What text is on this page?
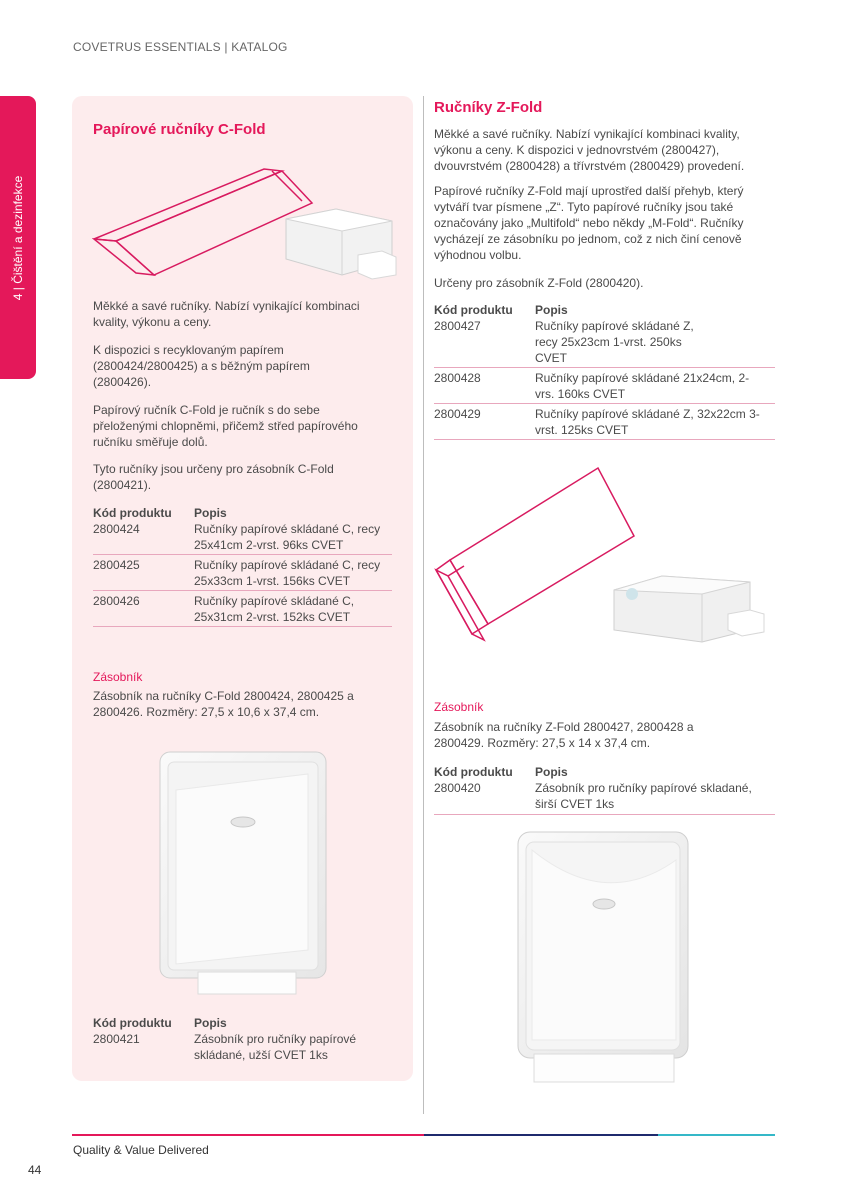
COVETRUS ESSENTIALS | KATALOG
4 | Čištění a dezinfekce
Papírové ručníky C-Fold

Měkké a savé ručníky. Nabízí vynikající kombinaci kvality, výkonu a ceny.

K dispozici s recyklovaným papírem (2800424/2800425) a s běžným papírem (2800426).

Papírový ručník C-Fold je ručník s do sebe přeloženými chlopněmi, přičemž střed papírového ručníku směřuje dolů.

Tyto ručníky jsou určeny pro zásobník C-Fold (2800421).

Kód produktu	Popis
2800424	Ručníky papírové skládané C, recy 25x41cm 2-vrst. 96ks CVET
2800425	Ručníky papírové skládané C, recy 25x33cm 1-vrst. 156ks CVET
2800426	Ručníky papírové skládané C, 25x31cm 2-vrst. 152ks CVET
Zásobník

Zásobník na ručníky C-Fold 2800424, 2800425 a 2800426. Rozměry: 27,5 x 10,6 x 37,4 cm.

Kód produktu	Popis
2800421	Zásobník pro ručníky papírové skládané, užší CVET 1ks
Ručníky Z-Fold

Měkké a savé ručníky. Nabízí vynikající kombinaci kvality, výkonu a ceny. K dispozici v jednovrstvém (2800427), dvouvrstvém (2800428) a třívrstvém (2800429) provedení.

Papírové ručníky Z-Fold mají uprostřed další přehyb, který vytváří tvar písmene „Z“. Tyto papírové ručníky jsou také označovány jako „Multifold“ nebo někdy „M-Fold“. Ručníky vycházejí ze zásobníku po jednom, což z nich činí cenově výhodnou volbu.

Určeny pro zásobník Z-Fold (2800420).

Kód produktu	Popis
2800427	Ručníky papírové skládané Z, recy 25x23cm 1-vrst. 250ks CVET
2800428	Ručníky papírové skládané 21x24cm, 2-vrs. 160ks CVET
2800429	Ručníky papírové skládané Z, 32x22cm 3-vrst. 125ks CVET
Zásobník

Zásobník na ručníky Z-Fold 2800427, 2800428 a 2800429. Rozměry: 27,5 x 14 x 37,4 cm.

Kód produktu	Popis
2800420	Zásobník pro ručníky papírové skladané, širší CVET 1ks
Quality & Value Delivered
44
